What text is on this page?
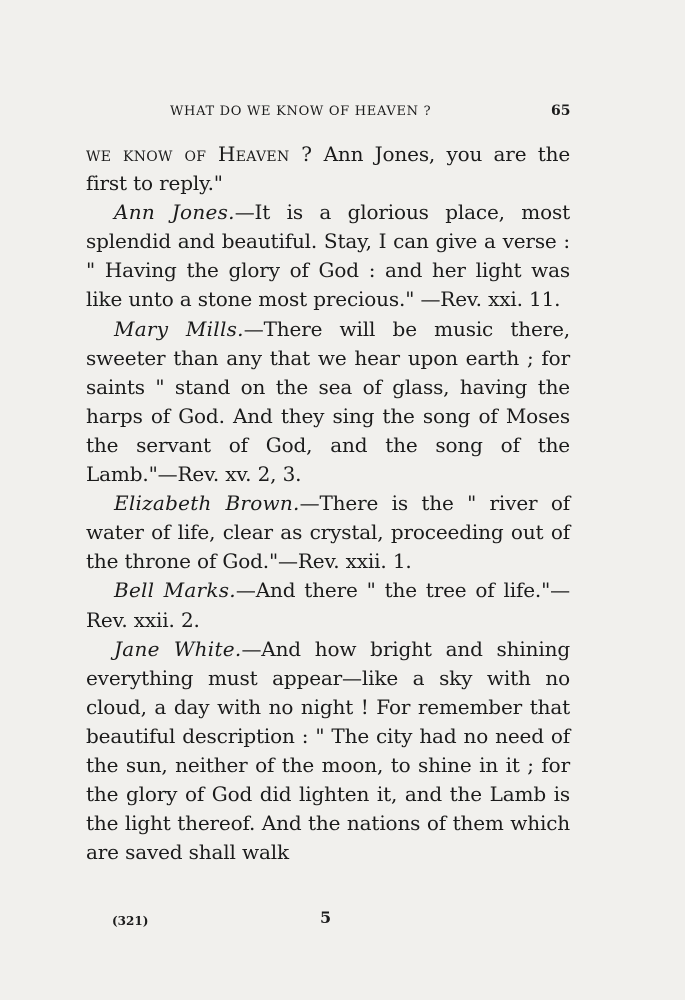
WHAT DO WE KNOW OF HEAVEN ?	65

we know of Heaven ? Ann Jones, you are the first to reply."

Ann Jones.—It is a glorious place, most splendid and beautiful. Stay, I can give a verse : " Having the glory of God : and her light was like unto a stone most precious." —Rev. xxi. 11.

Mary Mills.—There will be music there, sweeter than any that we hear upon earth ; for saints " stand on the sea of glass, having the harps of God. And they sing the song of Moses the servant of God, and the song of the Lamb."—Rev. xv. 2, 3.

Elizabeth Brown.—There is the " river of water of life, clear as crystal, proceeding out of the throne of God."—Rev. xxii. 1.

Bell Marks.—And there " the tree of life."—Rev. xxii. 2.

Jane White.—And how bright and shining everything must appear—like a sky with no cloud, a day with no night ! For remember that beautiful description : " The city had no need of the sun, neither of the moon, to shine in it ; for the glory of God did lighten it, and the Lamb is the light thereof. And the nations of them which are saved shall walk

(321)	5
